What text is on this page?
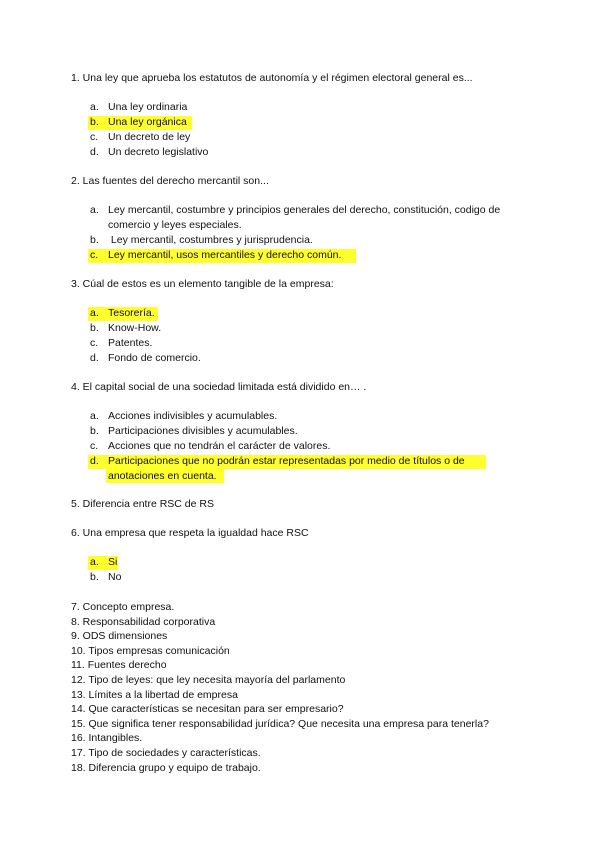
1. Una ley que aprueba los estatutos de autonomía y el régimen electoral general es...
a. Una ley ordinaria
b. Una ley orgánica
c. Un decreto de ley
d. Un decreto legislativo
2. Las fuentes del derecho mercantil son...
a. Ley mercantil, costumbre y principios generales del derecho, constitución, codigo de
comercio y leyes especiales.
b. Ley mercantil, costumbres y jurisprudencia.
c. Ley mercantil, usos mercantiles y derecho común.
3. Cúal de estos es un elemento tangible de la empresa:
a. Tesorería.
b. Know-How.
c. Patentes.
d. Fondo de comercio.
4. El capital social de una sociedad limitada está dividido en… .
a. Acciones indivisibles y acumulables.
b. Participaciones divisibles y acumulables.
c. Acciones que no tendrán el carácter de valores.
d. Participaciones que no podrán estar representadas por medio de títulos o de
anotaciones en cuenta.
5. Diferencia entre RSC de RS
6. Una empresa que respeta la igualdad hace RSC
a. Si
b. No
7. Concepto empresa.
8. Responsabilidad corporativa
9. ODS dimensiones
10. Tipos empresas comunicación
11. Fuentes derecho
12. Tipo de leyes: que ley necesita mayoría del parlamento
13. Límites a la libertad de empresa
14. Que características se necesitan para ser empresario?
15. Que significa tener responsabilidad jurídica? Que necesita una empresa para tenerla?
16. Intangibles.
17. Tipo de sociedades y características.
18. Diferencia grupo y equipo de trabajo.
